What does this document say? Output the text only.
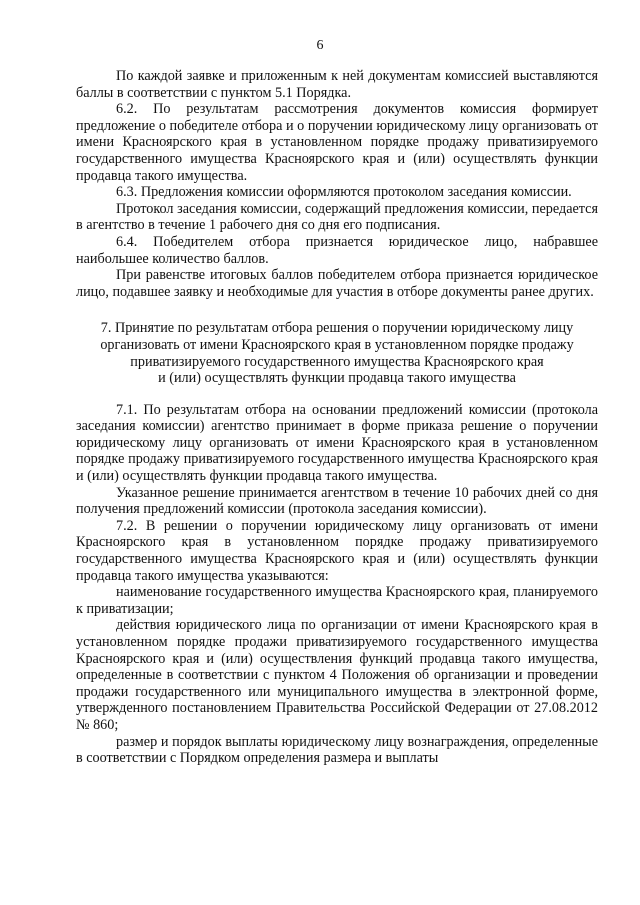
6

По каждой заявке и приложенным к ней документам комиссией выставляются баллы в соответствии с пунктом 5.1 Порядка.

6.2. По результатам рассмотрения документов комиссия формирует предложение о победителе отбора и о поручении юридическому лицу организовать от имени Красноярского края в установленном порядке продажу приватизируемого государственного имущества Красноярского края и (или) осуществлять функции продавца такого имущества.

6.3. Предложения комиссии оформляются протоколом заседания комиссии.

Протокол заседания комиссии, содержащий предложения комиссии, передается в агентство в течение 1 рабочего дня со дня его подписания.

6.4. Победителем отбора признается юридическое лицо, набравшее наибольшее количество баллов.

При равенстве итоговых баллов победителем отбора признается юридическое лицо, подавшее заявку и необходимые для участия в отборе документы ранее других.

7. Принятие по результатам отбора решения о поручении юридическому лицу
организовать от имени Красноярского края в установленном порядке продажу
приватизируемого государственного имущества Красноярского края
и (или) осуществлять функции продавца такого имущества

7.1. По результатам отбора на основании предложений комиссии (протокола заседания комиссии) агентство принимает в форме приказа решение о поручении юридическому лицу организовать от имени Красноярского края в установленном порядке продажу приватизируемого государственного имущества Красноярского края и (или) осуществлять функции продавца такого имущества.

Указанное решение принимается агентством в течение 10 рабочих дней со дня получения предложений комиссии (протокола заседания комиссии).

7.2. В решении о поручении юридическому лицу организовать от имени Красноярского края в установленном порядке продажу приватизируемого государственного имущества Красноярского края и (или) осуществлять функции продавца такого имущества указываются:

наименование государственного имущества Красноярского края, планируемого к приватизации;

действия юридического лица по организации от имени Красноярского края в установленном порядке продажи приватизируемого государственного имущества Красноярского края и (или) осуществления функций продавца такого имущества, определенные в соответствии с пунктом 4 Положения об организации и проведении продажи государственного или муниципального имущества в электронной форме, утвержденного постановлением Правительства Российской Федерации от 27.08.2012 № 860;

размер и порядок выплаты юридическому лицу вознаграждения, определенные в соответствии с Порядком определения размера и выплаты
